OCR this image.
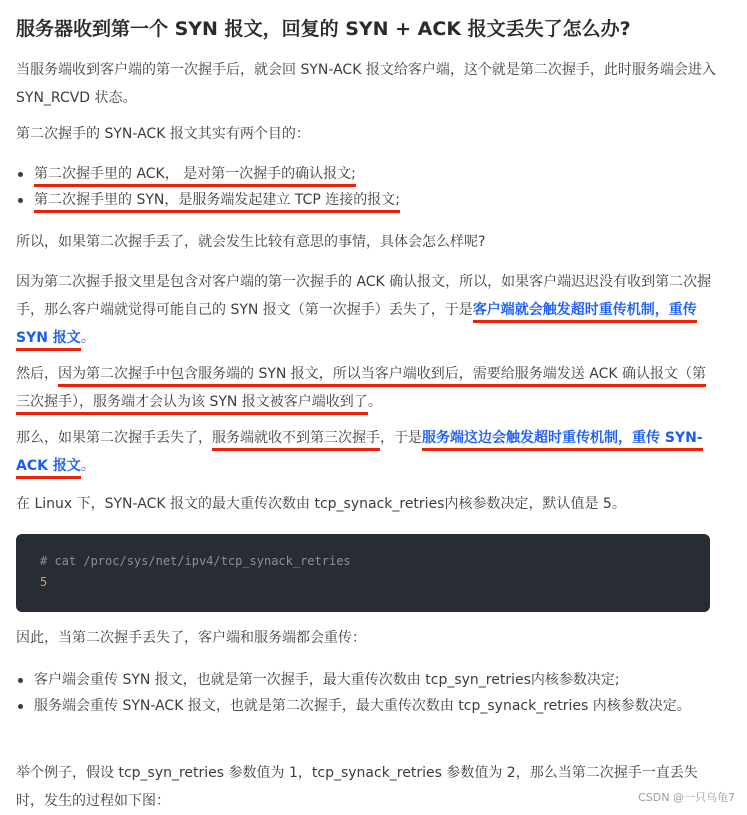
服务器收到第一个 SYN 报文，回复的 SYN + ACK 报文丢失了怎么办?

当服务端收到客户端的第一次握手后，就会回 SYN-ACK 报文给客户端，这个就是第二次握手，此时服务端会进入 SYN_RCVD 状态。

第二次握手的 SYN-ACK 报文其实有两个目的：

第二次握手里的 ACK， 是对第一次握手的确认报文;

第二次握手里的 SYN，是服务端发起建立 TCP 连接的报文;

所以，如果第二次握手丢了，就会发生比较有意思的事情，具体会怎么样呢?

因为第二次握手报文里是包含对客户端的第一次握手的 ACK 确认报文，所以，如果客户端迟迟没有收到第二次握手，那么客户端就觉得可能自己的 SYN 报文（第一次握手）丢失了，于是客户端就会触发超时重传机制，重传 SYN 报文。

然后，因为第二次握手中包含服务端的 SYN 报文，所以当客户端收到后，需要给服务端发送 ACK 确认报文（第三次握手），服务端才会认为该 SYN 报文被客户端收到了。

那么，如果第二次握手丢失了，服务端就收不到第三次握手，于是服务端这边会触发超时重传机制，重传 SYN-ACK 报文。

在 Linux 下，SYN-ACK 报文的最大重传次数由 tcp_synack_retries内核参数决定，默认值是 5。

# cat /proc/sys/net/ipv4/tcp_synack_retries
5

因此，当第二次握手丢失了，客户端和服务端都会重传：

客户端会重传 SYN 报文，也就是第一次握手，最大重传次数由 tcp_syn_retries内核参数决定;

服务端会重传 SYN-ACK 报文，也就是第二次握手，最大重传次数由 tcp_synack_retries 内核参数决定。

举个例子，假设 tcp_syn_retries 参数值为 1，tcp_synack_retries 参数值为 2，那么当第二次握手一直丢失时，发生的过程如下图：	CSDN @一只乌龟7
